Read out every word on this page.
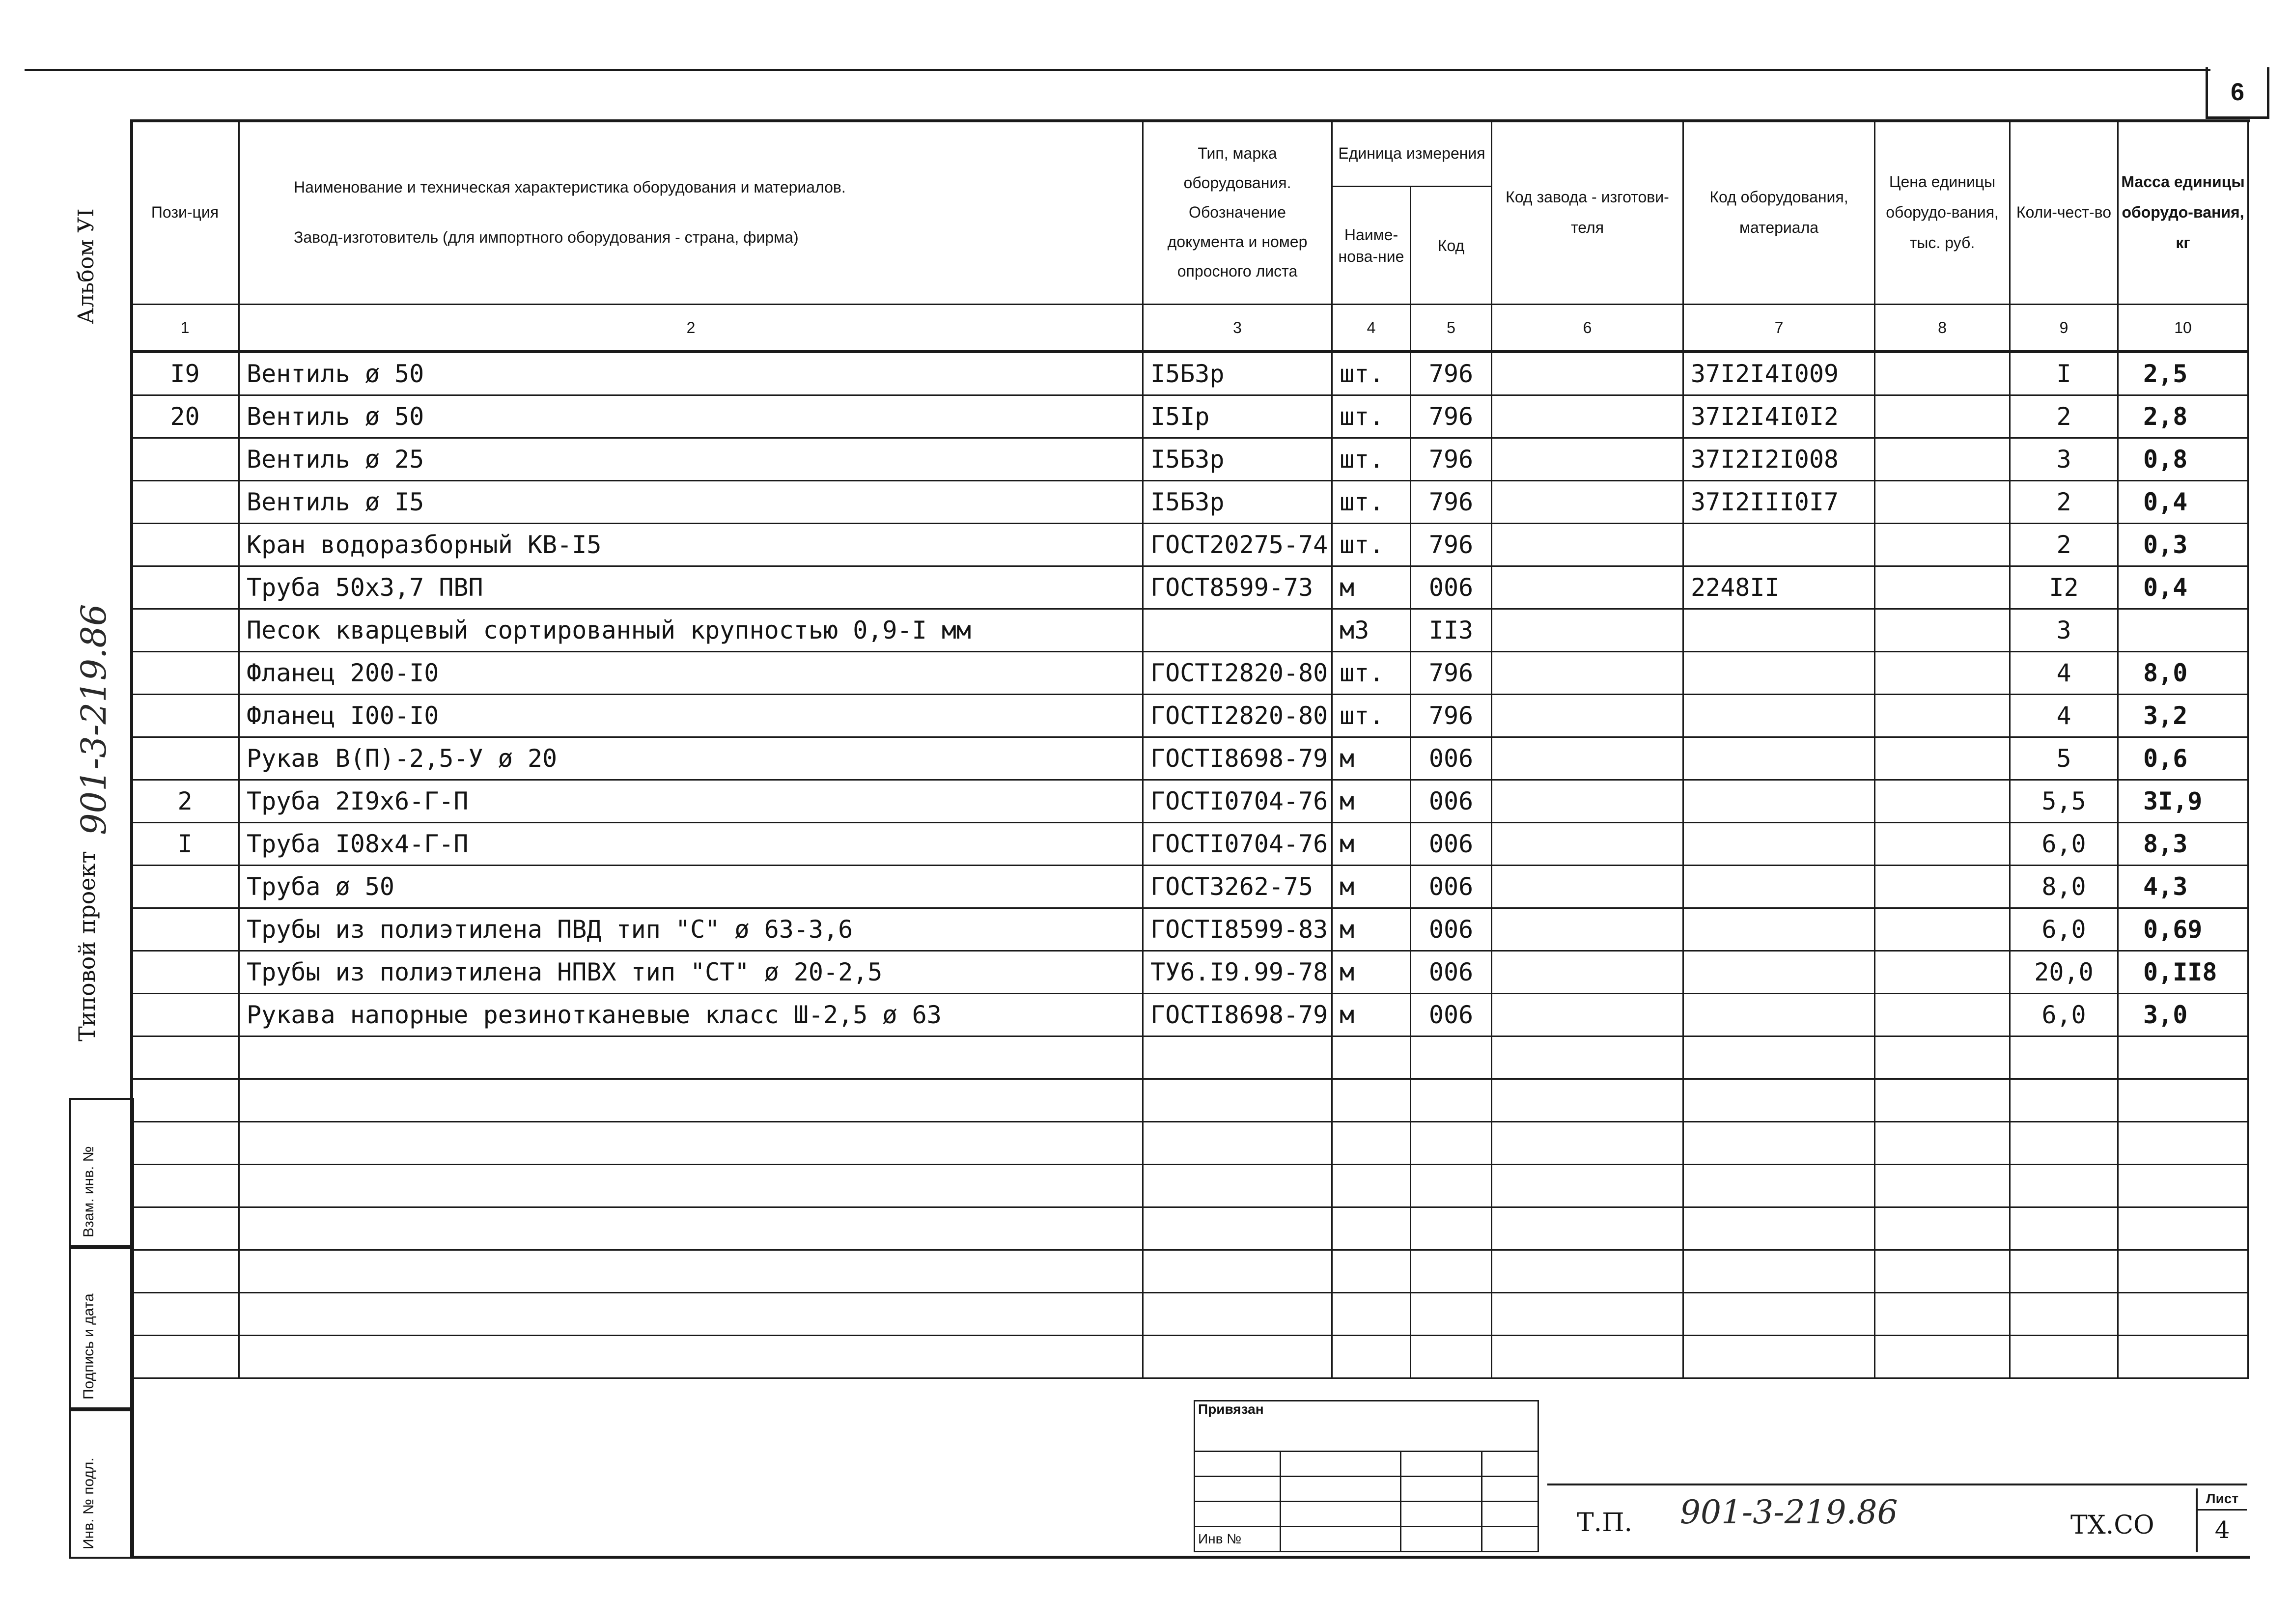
6
Альбом УI
Типовой проект
901-3-219.86
Взам. инв. №
Подпись и дата
Инв. № подл.
Пози-ция	Наименование и техническая характеристика оборудования и материалов.
Завод-изготовитель (для импортного оборудования - страна, фирма)	Тип, марка оборудования. Обозначение документа и номер опросного листа	Единица измерения		Код завода - изготови-теля	Код оборудования, материала	Цена единицы оборудо-вания, тыс. руб.	Коли-чест-во	Масса единицы оборудо-вания, кг
			Наиме-нова-ние	Код					
1	2	3	4	5	6	7	8	9	10
I9	Вентиль ø 50	I5Б3р	шт.	796		37I2I4I009		I	2,5
20	Вентиль ø 50	I5Iр	шт.	796		37I2I4I0I2		2	2,8
	Вентиль ø 25	I5Б3р	шт.	796		37I2I2I008		3	0,8
	Вентиль ø I5	I5Б3р	шт.	796		37I2III0I7		2	0,4
	Кран водоразборный КВ-I5	ГОСТ20275-74	шт.	796				2	0,3
	Труба 50х3,7 ПВП	ГОСТ8599-73	м	006		2248II		I2	0,4
	Песок кварцевый сортированный крупностью 0,9-I мм		м3	II3				3	
	Фланец 200-I0	ГОСТI2820-80	шт.	796				4	8,0
	Фланец I00-I0	ГОСТI2820-80	шт.	796				4	3,2
	Рукав В(П)-2,5-У ø 20	ГОСТI8698-79	м	006				5	0,6
2	Труба 2I9х6-Г-П	ГОСТI0704-76	м	006				5,5	3I,9
I	Труба I08х4-Г-П	ГОСТI0704-76	м	006				6,0	8,3
	Труба ø 50	ГОСТ3262-75	м	006				8,0	4,3
	Трубы из полиэтилена ПВД тип "С" ø 63-3,6	ГОСТI8599-83	м	006				6,0	0,69
	Трубы из полиэтилена НПВХ тип "СТ" ø 20-2,5	ТУ6.I9.99-78	м	006				20,0	0,II8
	Рукава напорные резинотканевые класс Ш-2,5 ø 63	ГОСТI8698-79	м	006				6,0	3,0

Привязан			

Инв №			
Т.П. 901-3-219.86	ТХ.СО
Лист
4
